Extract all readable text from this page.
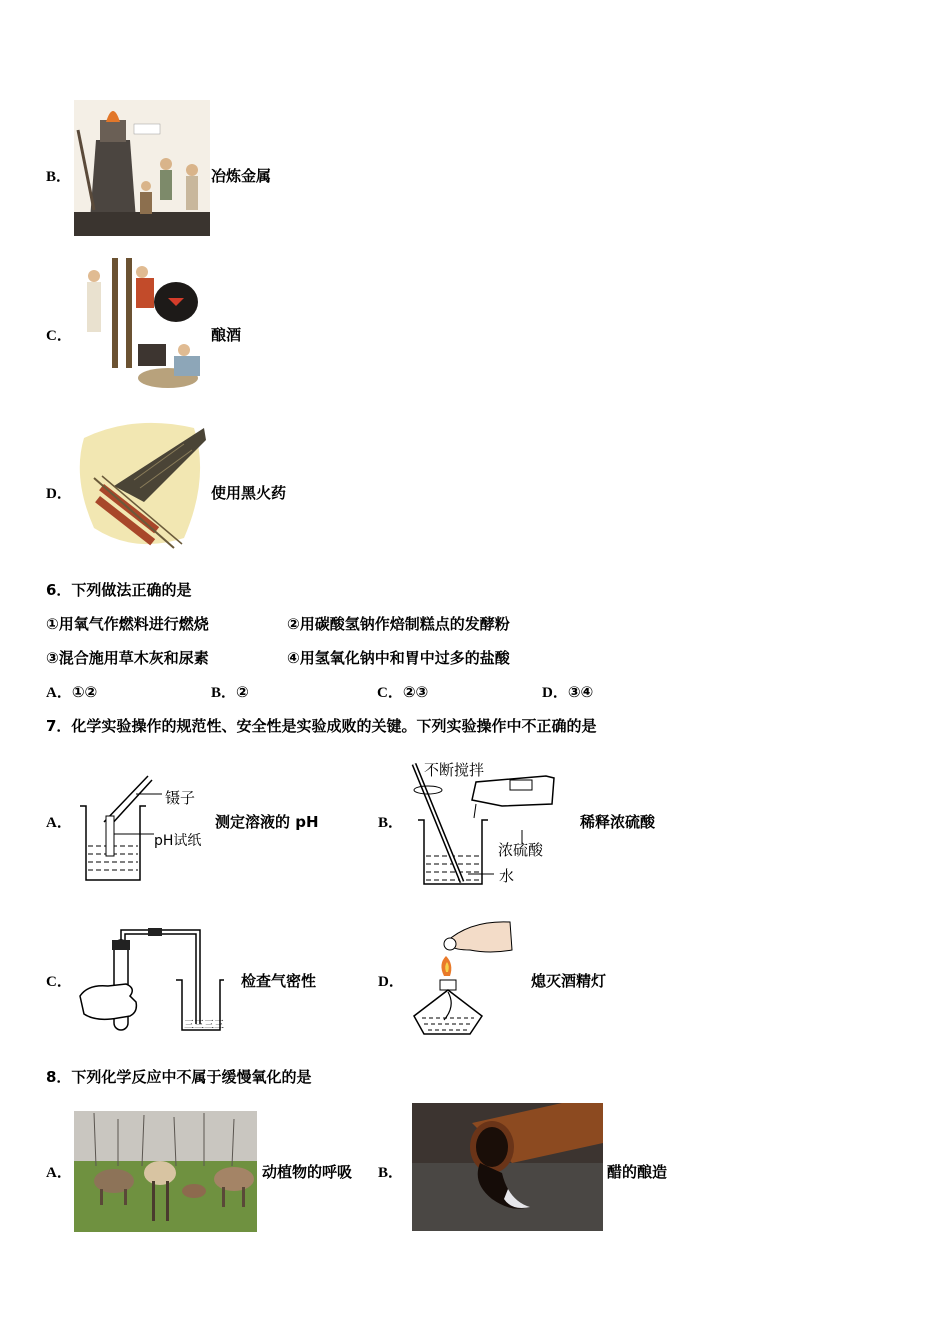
B．	冶炼金属
C．	酿酒
D．	使用黑火药
6．下列做法正确的是
①用氧气作燃料进行燃烧	②用碳酸氢钠作焙制糕点的发酵粉
③混合施用草木灰和尿素	④用氢氧化钠中和胃中过多的盐酸
A．①②	B．②	C．②③	D．③④
7．化学实验操作的规范性、安全性是实验成败的关键。下列实验操作中不正确的是
A．
镊子
pH试纸
测定溶液的 pH	B．
不断搅拌
浓硫酸
水
稀释浓硫酸
C．
三三 三三
检查气密性	D．	熄灭酒精灯
8．下列化学反应中不属于缓慢氧化的是
A．	动植物的呼吸 B．	醋的酿造
